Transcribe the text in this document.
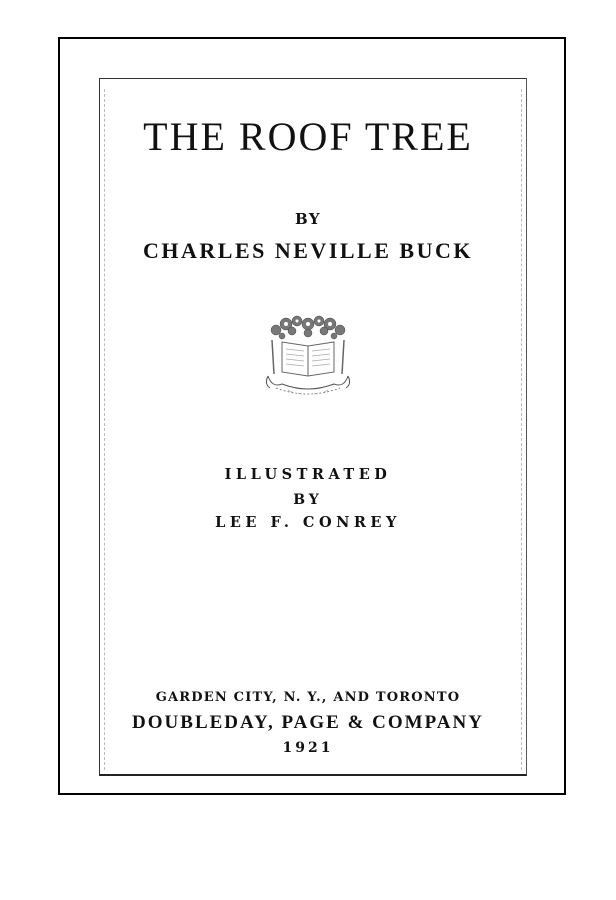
THE ROOF TREE

BY

CHARLES NEVILLE BUCK

ILLUSTRATED

BY

LEE F. CONREY

GARDEN CITY, N. Y., AND TORONTO

DOUBLEDAY, PAGE & COMPANY

1921
